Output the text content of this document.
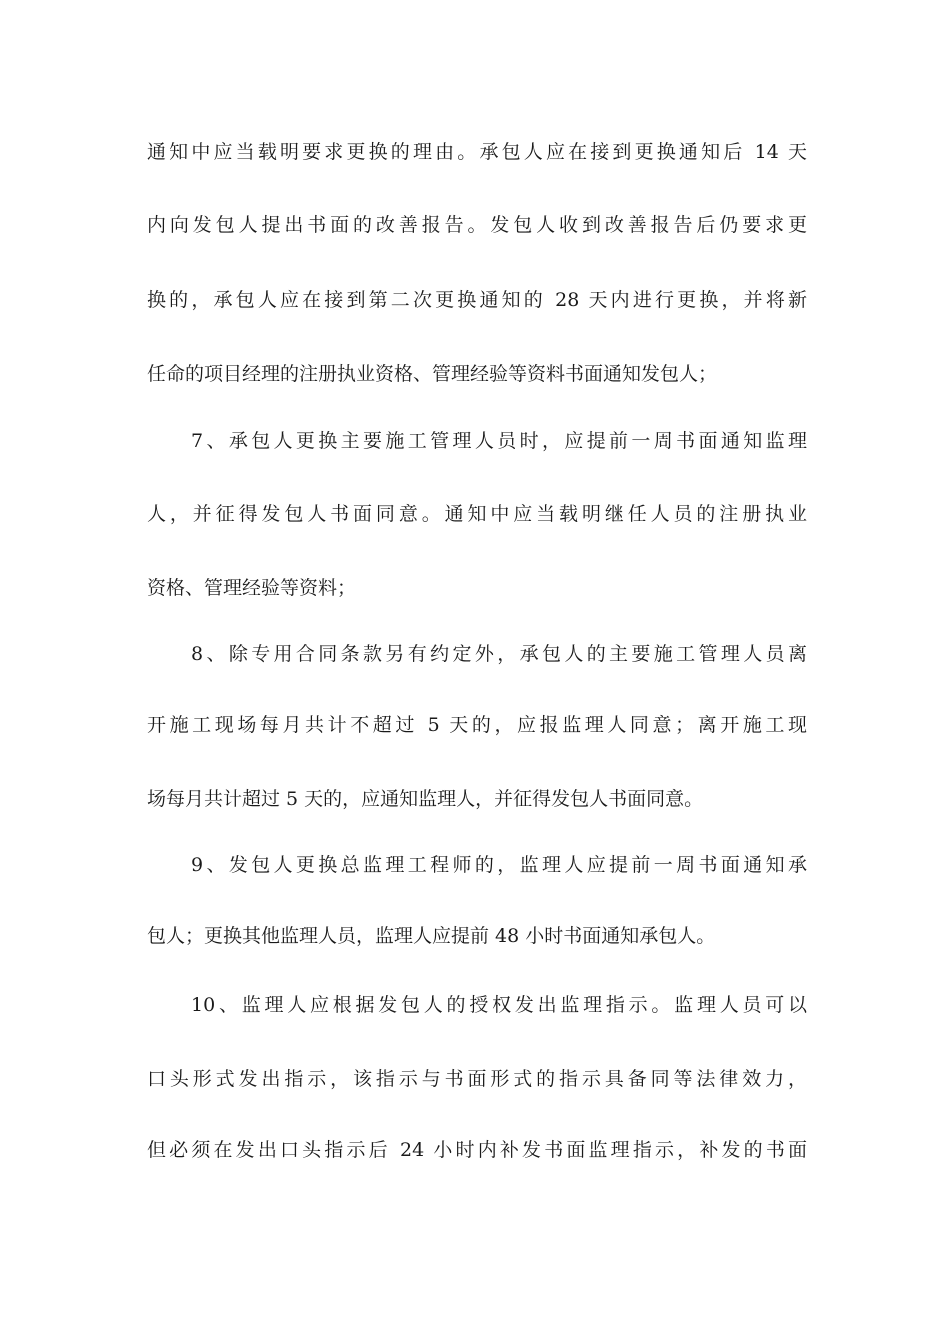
通知中应当载明要求更换的理由。承包人应在接到更换通知后 14 天
内向发包人提出书面的改善报告。发包人收到改善报告后仍要求更
换的，承包人应在接到第二次更换通知的 28 天内进行更换，并将新
任命的项目经理的注册执业资格、管理经验等资料书面通知发包人；
7、承包人更换主要施工管理人员时，应提前一周书面通知监理
人，并征得发包人书面同意。通知中应当载明继任人员的注册执业
资格、管理经验等资料；
8、除专用合同条款另有约定外，承包人的主要施工管理人员离
开施工现场每月共计不超过 5 天的，应报监理人同意；离开施工现
场每月共计超过 5 天的，应通知监理人，并征得发包人书面同意。
9、发包人更换总监理工程师的，监理人应提前一周书面通知承
包人；更换其他监理人员，监理人应提前 48 小时书面通知承包人。
10、监理人应根据发包人的授权发出监理指示。监理人员可以
口头形式发出指示，该指示与书面形式的指示具备同等法律效力，
但必须在发出口头指示后 24 小时内补发书面监理指示，补发的书面
